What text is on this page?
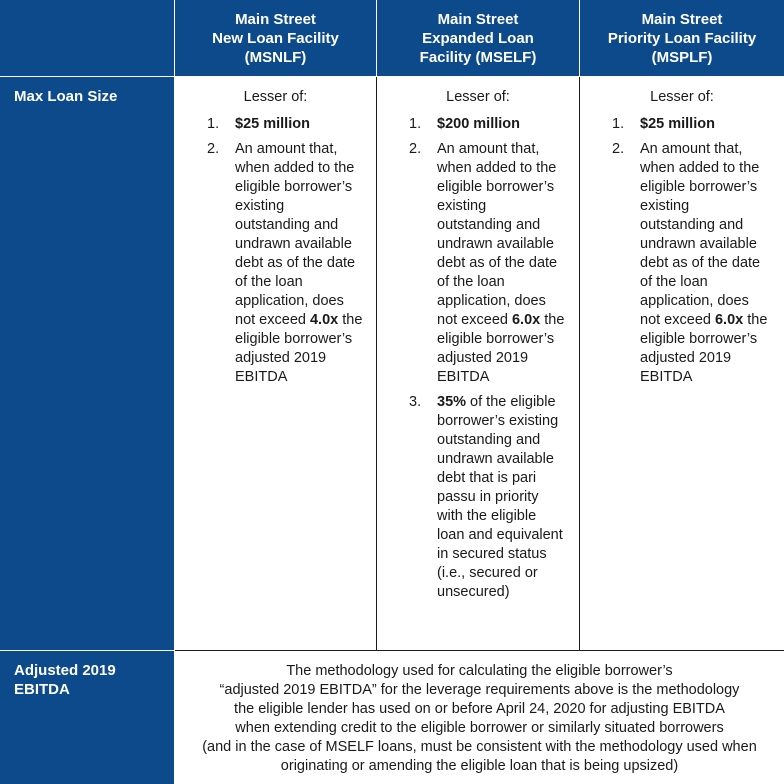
Main Street
New Loan Facility
(MSNLF)
Main Street
Expanded Loan
Facility (MSELF)
Main Street
Priority Loan Facility
(MSPLF)
Max Loan Size	Lesser of:
1. $25 million
2. An amount that, when added to the eligible borrower’s existing outstanding and undrawn available debt as of the date of the loan application, does not exceed 4.0x the eligible borrower’s adjusted 2019 EBITDA
Lesser of:
1. $200 million
2. An amount that, when added to the eligible borrower’s existing outstanding and undrawn available debt as of the date of the loan application, does not exceed 6.0x the eligible borrower’s adjusted 2019 EBITDA
3. 35% of the eligible borrower’s existing outstanding and undrawn available debt that is pari passu in priority with the eligible loan and equivalent in secured status (i.e., secured or unsecured)
Lesser of:
1. $25 million
2. An amount that, when added to the eligible borrower’s existing outstanding and undrawn available debt as of the date of the loan application, does not exceed 6.0x the eligible borrower’s adjusted 2019 EBITDA
Adjusted 2019
EBITDA
The methodology used for calculating the eligible borrower’s
“adjusted 2019 EBITDA” for the leverage requirements above is the methodology
the eligible lender has used on or before April 24, 2020 for adjusting EBITDA
when extending credit to the eligible borrower or similarly situated borrowers
(and in the case of MSELF loans, must be consistent with the methodology used when
originating or amending the eligible loan that is being upsized)
